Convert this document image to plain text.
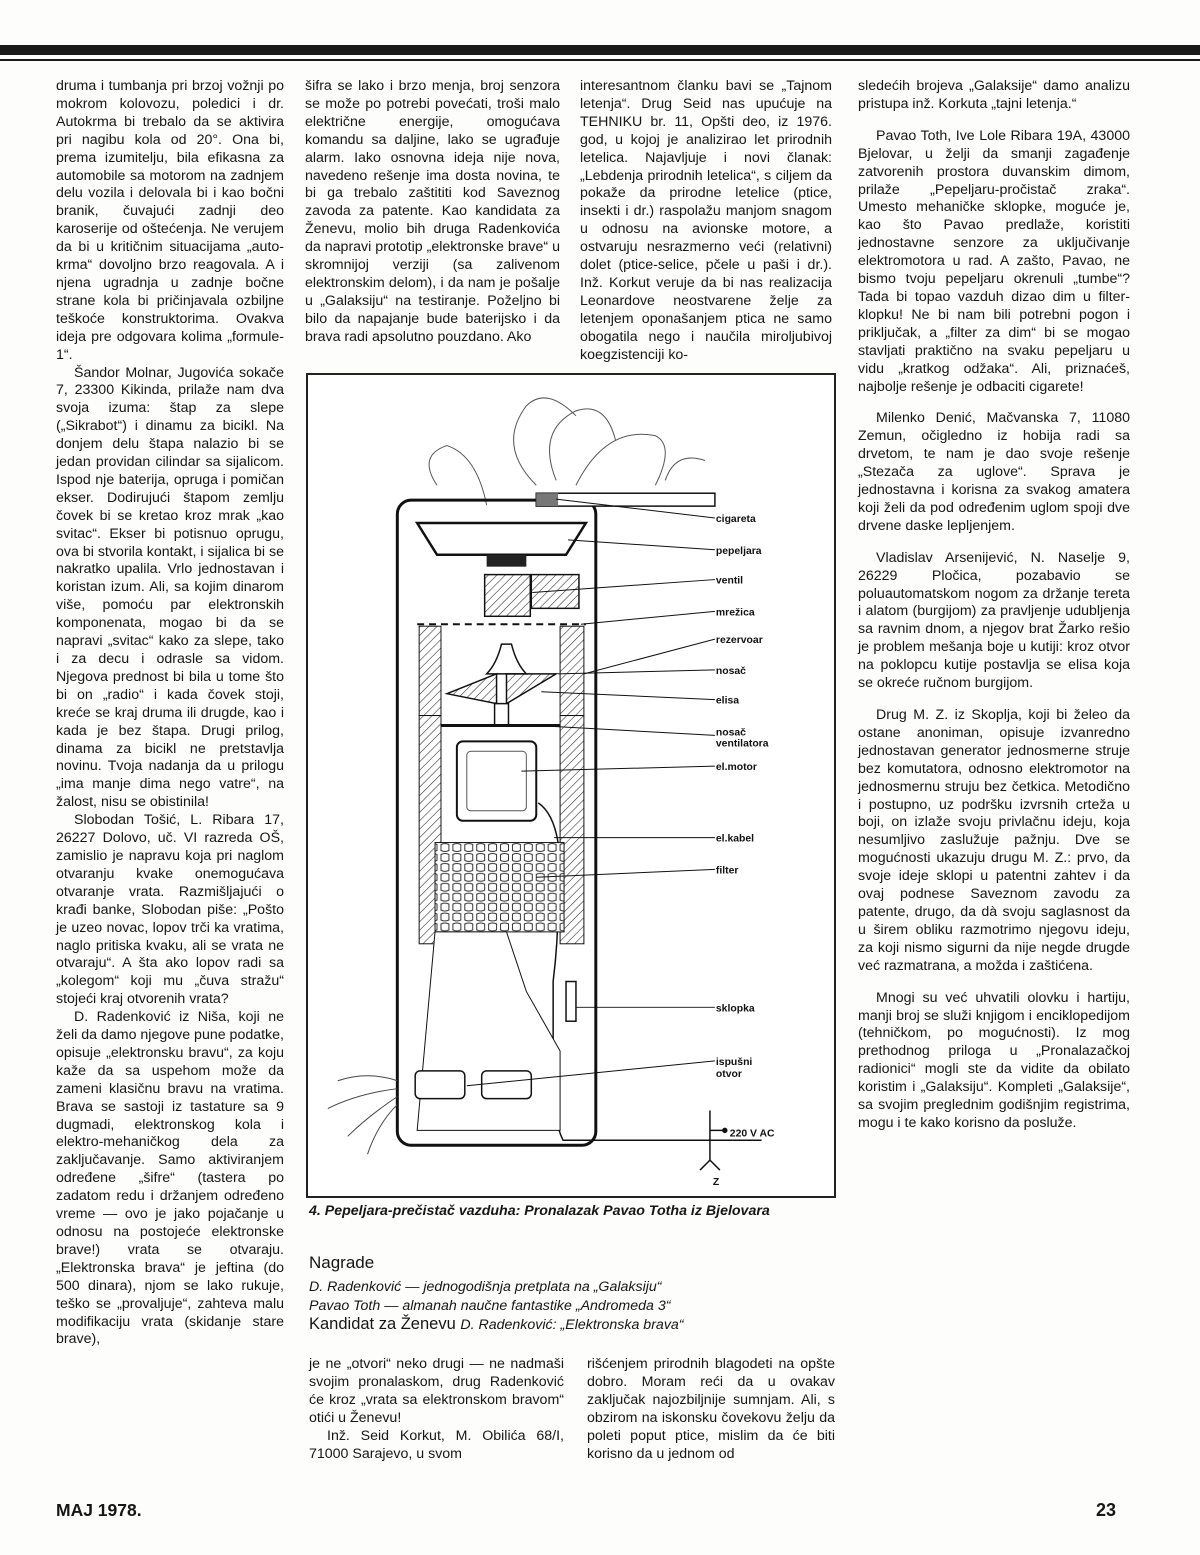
druma i tumbanja pri brzoj vožnji po mokrom kolovozu, poledici i dr. Autokrma bi trebalo da se aktivira pri nagibu kola od 20°. Ona bi, prema izumitelju, bila efikasna za automobile sa motorom na zadnjem delu vozila i delovala bi i kao bočni branik, čuvajući zadnji deo karoseriје od oštećenja. Ne verujem da bi u kritičnim situacijama „auto-krma“ dovoljno brzo reagovala. A i njena ugradnja u zadnje bočne strane kola bi pričinjavala ozbiljne teškoće konstruktorima. Ovakva ideja pre odgovara kolima „formule-1“.

Šandor Molnar, Jugovića sokače 7, 23300 Kikinda, prilaže nam dva svoja izuma: štap za slepe („Sikrabot“) i dinamu za bicikl. Na donjem delu štapa nalazio bi se jedan providan cilindar sa sijalicom. Ispod nje baterija, opruga i pomičan ekser. Dodirujući štapom zemlju čovek bi se kretao kroz mrak „kao svitac“. Ekser bi potisnuo oprugu, ova bi stvorila kontakt, i sijalica bi se nakratko upalila. Vrlo jednostavan i koristan izum. Ali, sa kojim dinarom više, pomoću par elektronskih komponenata, mogao bi da se napravi „svitac“ kako za slepe, tako i za decu i odrasle sa vidom. Njegova prednost bi bila u tome što bi on „radio“ i kada čovek stoji, kreće se kraj druma ili drugde, kao i kada je bez štapa. Drugi prilog, dinama za bicikl ne pretstavlja novinu. Tvoja nadanja da u prilogu „ima manje dima nego vatre“, na žalost, nisu se obistinila!

Slobodan Tošić, L. Ribara 17, 26227 Dolovo, uč. VI razreda OŠ, zamislio je napravu koja pri naglom otvaranju kvake onemogućava otvaranje vrata. Razmišljajući o krađi banke, Slobodan piše: „Pošto je uzeo novac, lopov trči ka vratima, naglo pritiska kvaku, ali se vrata ne otvaraju“. A šta ako lopov radi sa „kolegom“ koji mu „čuva stražu“ stojeći kraj otvorenih vrata?

D. Radenković iz Niša, koji ne želi da damo njegove pune podatke, opisuje „elektronsku bravu“, za koju kaže da sa uspehom može da zameni klasičnu bravu na vratima. Brava se sastoji iz tastature sa 9 dugmadi, elektronskog kola i elektro-mehaničkog dela za zaključavanje. Samo aktiviranjem određene „šifre“ (tastera po zadatom redu i držanjem određeno vreme — ovo je jako pojačanje u odnosu na postojeće elektronske brave!) vrata se otvaraju. „Elektronska brava“ je jeftina (do 500 dinara), njom se lako rukuje, teško se „provaljuje“, zahteva malu modifikaciju vrata (skidanje stare brave),

šifra se lako i brzo menja, broj senzora se može po potrebi povećati, troši malo električne energije, omogućava komandu sa daljine, lako se ugrađuje alarm. Iako osnovna ideja nije nova, navedeno rešenje ima dosta novina, te bi ga trebalo zaštititi kod Saveznog zavoda za patente. Kao kandidata za Ženevu, molio bih druga Radenkovića da napravi prototip „elektronske brave“ u skromnijoj verziji (sa zalivenom elektronskim delom), i da nam je pošalje u „Galaksiju“ na testiranje. Poželjno bi bilo da napajanje bude baterijsko i da brava radi apsolutno pouzdano. Ako

interesantnom članku bavi se „Tajnom letenja“. Drug Seid nas upućuje na TEHNIKU br. 11, Opšti deo, iz 1976. god, u kojoj je analizirao let prirodnih letelica. Najavljuje i novi članak: „Lebdenja prirodnih letelica“, s ciljem da pokaže da prirodne letelice (ptice, insekti i dr.) raspolažu manjom snagom u odnosu na avionske motore, a ostvaruju nesrazmerno veći (relativni) dolet (ptice-selice, pčele u paši i dr.). Inž. Korkut veruje da bi nas realizacija Leonardove neostvarene želje za letenjem oponašanjem ptica ne samo obogatila nego i naučila miroljubivoj koegzistenciji ko-

sledećih brojeva „Galaksije“ damo analizu pristupa inž. Korkuta „tajni letenja.“

Pavao Toth, Ive Lole Ribara 19A, 43000 Bjelovar, u želji da smanji zagađenje zatvorenih prostora duvanskim dimom, prilaže „Pepeljaru-pročistač zraka“. Umesto mehaničke sklopke, moguće je, kao što Pavao predlaže, koristiti jednostavne senzore za uključivanje elektromotora u rad. A zašto, Pavao, ne bismo tvoju pepeljaru okrenuli „tumbe“? Tada bi topao vazduh dizao dim u filter-klopku! Ne bi nam bili potrebni pogon i priključak, a „filter za dim“ bi se mogao stavljati praktično na svaku pepeljaru u vidu „kratkog odžaka“. Ali, priznaćeš, najbolje rešenje je odbaciti cigarete!

Milenko Denić, Mačvanska 7, 11080 Zemun, očigledno iz hobija radi sa drvetom, te nam je dao svoje rešenje „Stezača za uglove“. Sprava je jednostavna i korisna za svakog amatera koji želi da pod određenim uglom spoji dve drvene daske lepljenjem.

Vladislav Arsenijević, N. Naselje 9, 26229 Pločica, pozabavio se poluautomatskom nogom za držanje tereta i alatom (burgijom) za pravljenje udubljenja sa ravnim dnom, a njegov brat Žarko rešio je problem mešanja boje u kutiji: kroz otvor na poklopcu kutije postavlja se elisa koja se okreće ručnom burgijom.

Drug M. Z. iz Skoplja, koji bi želeo da ostane anoniman, opisuje izvanredno jednostavan generator jednosmerne struje bez komutatora, odnosno elektromotor na jednosmernu struju bez četkica. Metodično i postupno, uz podršku izvrsnih crteža u boji, on izlaže svoju privlačnu ideju, koja nesumljivo zaslužuje pažnju. Dve se mogućnosti ukazuju drugu M. Z.: prvo, da svoje ideje sklopi u patentni zahtev i da ovaj podnese Saveznom zavodu za patente, drugo, da dà svoju saglasnost da u širem obliku razmotrimo njegovu ideju, za koji nismo sigurni da nije negde drugde već razmatrana, a možda i zaštićena.

Mnogi su već uhvatili olovku i hartiju, manji broj se služi knjigom i enciklopedijom (tehničkom, po mogućnosti). Iz mog prethodnog priloga u „Pronalazačkoj radionici“ mogli ste da vidite da obilato koristim i „Galaksiju“. Kompleti „Galaksije“, sa svojim preglednim godišnjim registrima, mogu i te kako korisno da posluže.

cigareta
pepeljara
ventil
mrežica
rezervoar
nosač
elisa
nosač
ventilatora
el.motor
el.kabel
filter
sklopka
ispušni
otvor
220 V AC
Z
4. Pepeljara-prečistač vazduha: Pronalazak Pavao Totha iz Bjelovara
Nagrade
D. Radenković — jednogodišnja pretplata na „Galaksiju“
Pavao Toth — almanah naučne fantastike „Andromeda 3“
Kandidat za Ženevu D. Radenković: „Elektronska brava“

je ne „otvori“ neko drugi — ne nadmaši svojim pronalaskom, drug Radenković će kroz „vrata sa elektronskom bravom“ otići u Ženevu!

Inž. Seid Korkut, M. Obilića 68/I, 71000 Sarajevo, u svom

rišćenjem prirodnih blagodeti na opšte dobro. Moram reći da u ovakav zaključak najozbiljnije sumnjam. Ali, s obzirom na iskonsku čovekovu želju da poleti poput ptice, mislim da će biti korisno da u jednom od

MAJ 1978.	23
